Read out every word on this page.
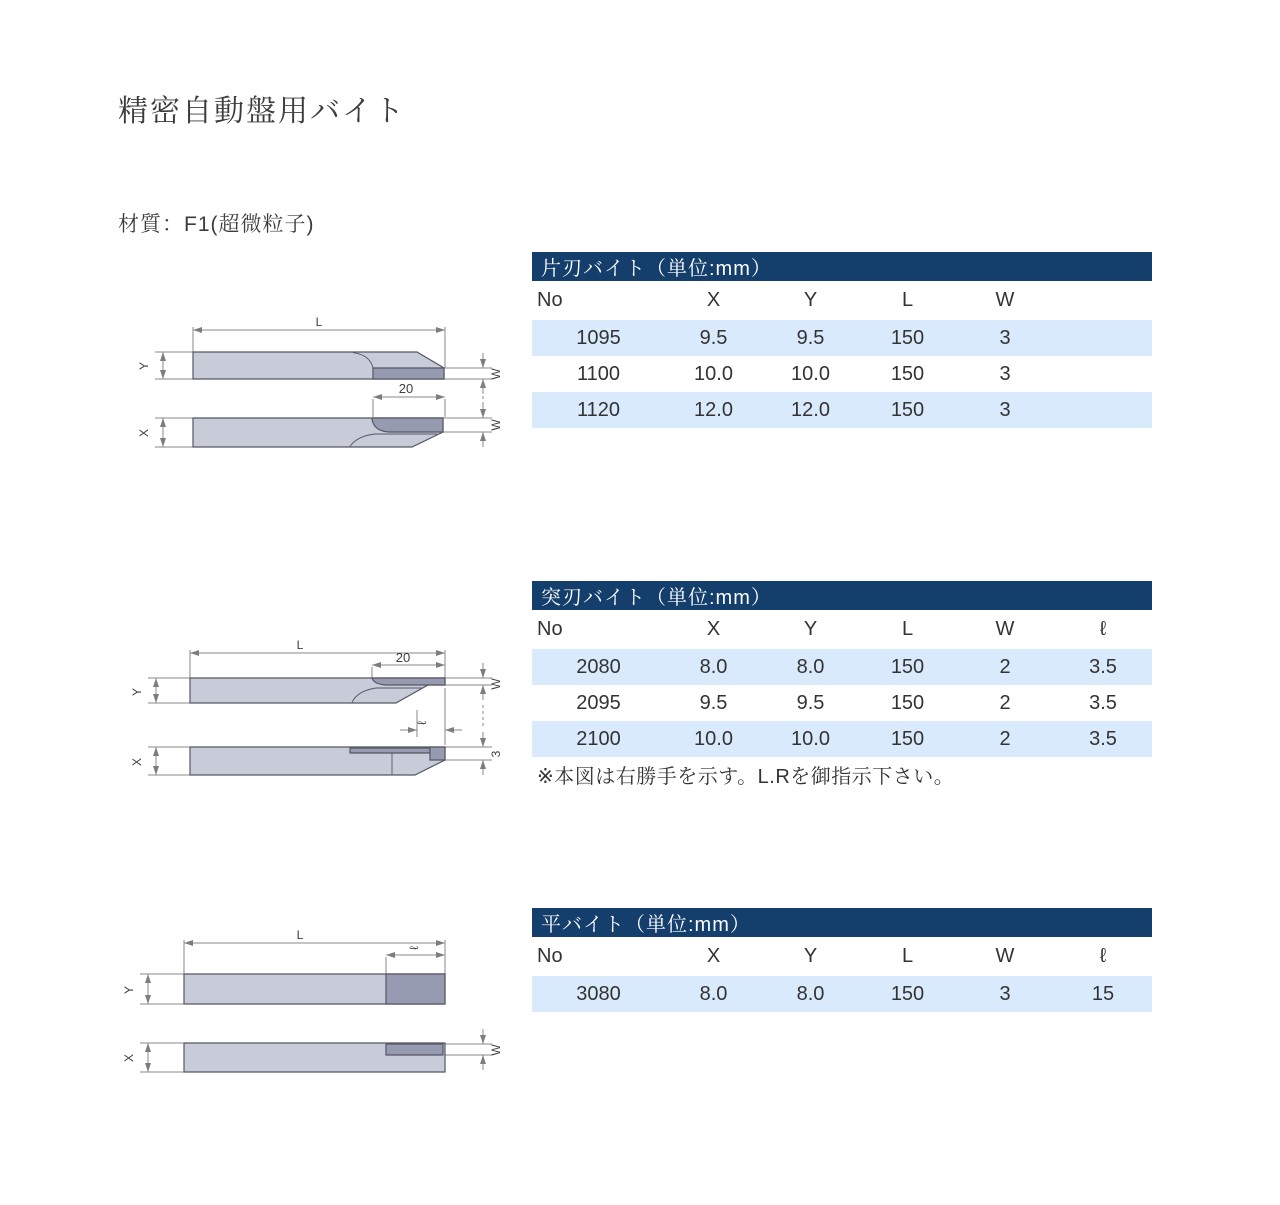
精密自動盤用バイト
材質：F1(超微粒子)
片刃バイト（単位:mm）
No	X	Y	L	W
1095	9.5	9.5	150	3
1100	10.0	10.0	150	3
1120	12.0	12.0	150	3
突刃バイト（単位:mm）
No	X	Y	L	W	ℓ
2080	8.0	8.0	150	2	3.5
2095	9.5	9.5	150	2	3.5
2100	10.0	10.0	150	2	3.5
※本図は右勝手を示す。L.Rを御指示下さい。
平バイト（単位:mm）
No	X	Y	L	W	ℓ
3080	8.0	8.0	150	3	15
L
Y
W
20
W
X
L
20
Y
W
ℓ
3
X
L
ℓ
Y
W
X
